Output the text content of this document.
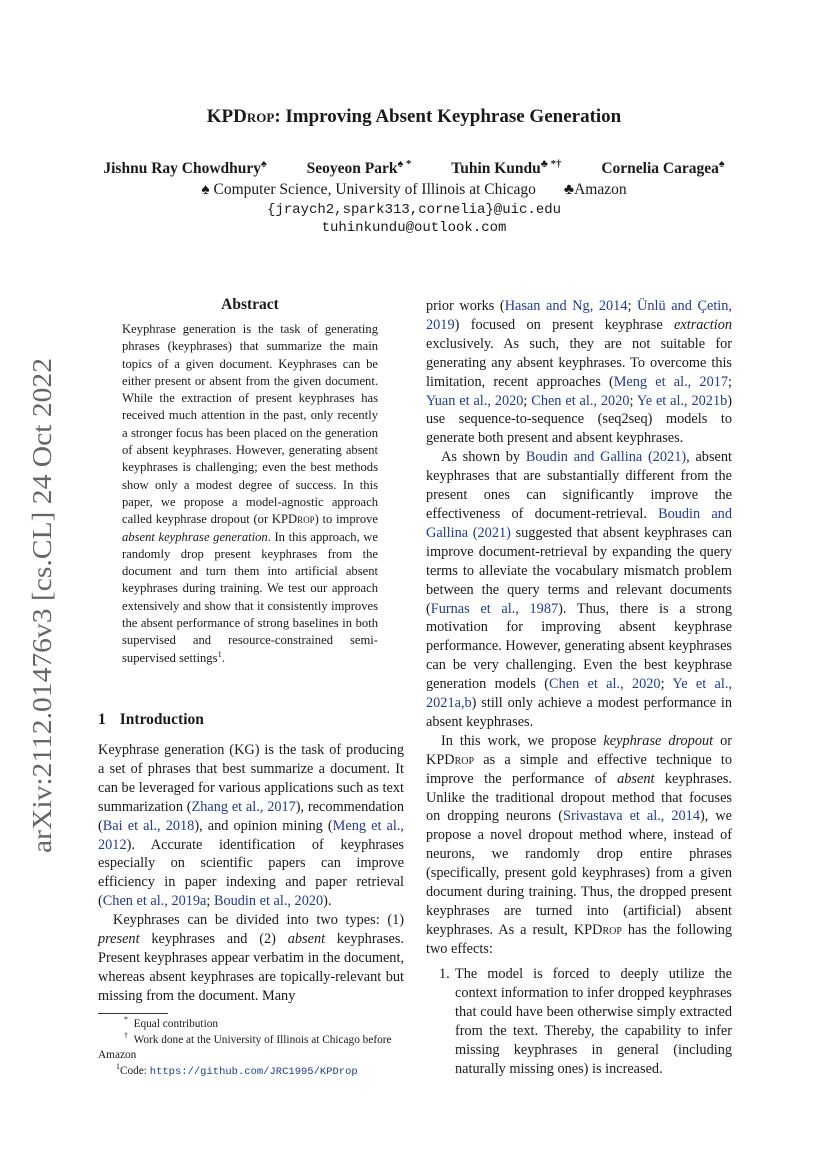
arXiv:2112.01476v3 [cs.CL] 24 Oct 2022
KPDrop: Improving Absent Keyphrase Generation
Jishnu Ray Chowdhury♠	Seoyeon Park♠ *	Tuhin Kundu♣ *†	Cornelia Caragea♠
♠ Computer Science, University of Illinois at Chicago ♣Amazon
{jraych2,spark313,cornelia}@uic.edu
tuhinkundu@outlook.com
Abstract
Keyphrase generation is the task of generating phrases (keyphrases) that summarize the main topics of a given document. Keyphrases can be either present or absent from the given document. While the extraction of present keyphrases has received much attention in the past, only recently a stronger focus has been placed on the generation of absent keyphrases. However, generating absent keyphrases is challenging; even the best methods show only a modest degree of success. In this paper, we propose a model-agnostic approach called keyphrase dropout (or KPDrop) to improve absent keyphrase generation. In this approach, we randomly drop present keyphrases from the document and turn them into artificial absent keyphrases during training. We test our approach extensively and show that it consistently improves the absent performance of strong baselines in both supervised and resource-constrained semi-supervised settings$^1$.
1 Introduction

Keyphrase generation (KG) is the task of producing a set of phrases that best summarize a document. It can be leveraged for various applications such as text summarization (Zhang et al., 2017), recommendation (Bai et al., 2018), and opinion mining (Meng et al., 2012). Accurate identification of keyphrases especially on scientific papers can improve efficiency in paper indexing and paper retrieval (Chen et al., 2019a; Boudin et al., 2020).

Keyphrases can be divided into two types: (1) present keyphrases and (2) absent keyphrases. Present keyphrases appear verbatim in the document, whereas absent keyphrases are topically-relevant but missing from the document. Many

* Equal contribution
† Work done at the University of Illinois at Chicago before Amazon
$^1$Code: https://github.com/JRC1995/KPDrop

prior works (Hasan and Ng, 2014; Ünlü and Çetin, 2019) focused on present keyphrase extraction exclusively. As such, they are not suitable for generating any absent keyphrases. To overcome this limitation, recent approaches (Meng et al., 2017; Yuan et al., 2020; Chen et al., 2020; Ye et al., 2021b) use sequence-to-sequence (seq2seq) models to generate both present and absent keyphrases.

As shown by Boudin and Gallina (2021), absent keyphrases that are substantially different from the present ones can significantly improve the effectiveness of document-retrieval. Boudin and Gallina (2021) suggested that absent keyphrases can improve document-retrieval by expanding the query terms to alleviate the vocabulary mismatch problem between the query terms and relevant documents (Furnas et al., 1987). Thus, there is a strong motivation for improving absent keyphrase performance. However, generating absent keyphrases can be very challenging. Even the best keyphrase generation models (Chen et al., 2020; Ye et al., 2021a,b) still only achieve a modest performance in absent keyphrases.

In this work, we propose keyphrase dropout or KPDrop as a simple and effective technique to improve the performance of absent keyphrases. Unlike the traditional dropout method that focuses on dropping neurons (Srivastava et al., 2014), we propose a novel dropout method where, instead of neurons, we randomly drop entire phrases (specifically, present gold keyphrases) from a given document during training. Thus, the dropped present keyphrases are turned into (artificial) absent keyphrases. As a result, KPDrop has the following two effects:

1. The model is forced to deeply utilize the context information to infer dropped keyphrases that could have been otherwise simply extracted from the text. Thereby, the capability to infer missing keyphrases in general (including naturally missing ones) is increased.
